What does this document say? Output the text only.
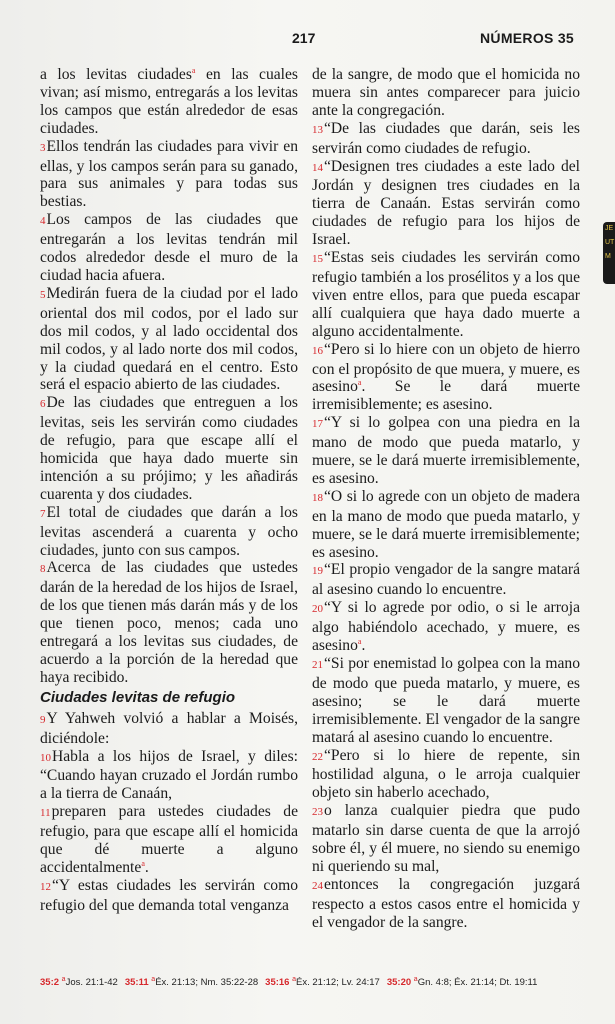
217	NÚMEROS 35
JE UT M

a los levitas ciudades$^a$ en las cuales vivan; así mismo, entregarás a los levitas los campos que están alrededor de esas ciudades.

3Ellos tendrán las ciudades para vivir en ellas, y los campos serán para su ganado, para sus animales y para todas sus bestias.

4Los campos de las ciudades que entregarán a los levitas tendrán mil codos alrededor desde el muro de la ciudad hacia afuera.

5Medirán fuera de la ciudad por el lado oriental dos mil codos, por el lado sur dos mil codos, y al lado occidental dos mil codos, y al lado norte dos mil codos, y la ciudad quedará en el centro. Esto será el espacio abierto de las ciudades.

6De las ciudades que entreguen a los levitas, seis les servirán como ciudades de refugio, para que escape allí el homicida que haya dado muerte sin intención a su prójimo; y les añadirás cuarenta y dos ciudades.

7El total de ciudades que darán a los levitas ascenderá a cuarenta y ocho ciudades, junto con sus campos.

8Acerca de las ciudades que ustedes darán de la heredad de los hijos de Israel, de los que tienen más darán más y de los que tienen poco, menos; cada uno entregará a los levitas sus ciudades, de acuerdo a la porción de la heredad que haya recibido.

Ciudades levitas de refugio

9Y Yahweh volvió a hablar a Moisés, diciéndole:

10Habla a los hijos de Israel, y diles: “Cuando hayan cruzado el Jordán rumbo a la tierra de Canaán,

11preparen para ustedes ciudades de refugio, para que escape allí el homicida que dé muerte a alguno accidentalmente$^a$.

12“Y estas ciudades les servirán como refugio del que demanda total venganza

de la sangre, de modo que el homicida no muera sin antes comparecer para juicio ante la congregación.

13“De las ciudades que darán, seis les servirán como ciudades de refugio.

14“Designen tres ciudades a este lado del Jordán y designen tres ciudades en la tierra de Canaán. Estas servirán como ciudades de refugio para los hijos de Israel.

15“Estas seis ciudades les servirán como refugio también a los prosélitos y a los que viven entre ellos, para que pueda escapar allí cualquiera que haya dado muerte a alguno accidentalmente.

16“Pero si lo hiere con un objeto de hierro con el propósito de que muera, y muere, es asesino$^a$. Se le dará muerte irremisiblemente; es asesino.

17“Y si lo golpea con una piedra en la mano de modo que pueda matarlo, y muere, se le dará muerte irremisiblemente, es asesino.

18“O si lo agrede con un objeto de madera en la mano de modo que pueda matarlo, y muere, se le dará muerte irremisiblemente; es asesino.

19“El propio vengador de la sangre matará al asesino cuando lo encuentre.

20“Y si lo agrede por odio, o si le arroja algo habiéndolo acechado, y muere, es asesino$^a$.

21“Si por enemistad lo golpea con la mano de modo que pueda matarlo, y muere, es asesino; se le dará muerte irremisiblemente. El vengador de la sangre matará al asesino cuando lo encuentre.

22“Pero si lo hiere de repente, sin hostilidad alguna, o le arroja cualquier objeto sin haberlo acechado,

23o lanza cualquier piedra que pudo matarlo sin darse cuenta de que la arrojó sobre él, y él muere, no siendo su enemigo ni queriendo su mal,

24entonces la congregación juzgará respecto a estos casos entre el homicida y el vengador de la sangre.

35:2 $^a$Jos. 21:1-42 35:11 $^a$Éx. 21:13; Nm. 35:22-28 35:16 $^a$Éx. 21:12; Lv. 24:17 35:20 $^a$Gn. 4:8; Éx. 21:14; Dt. 19:11
